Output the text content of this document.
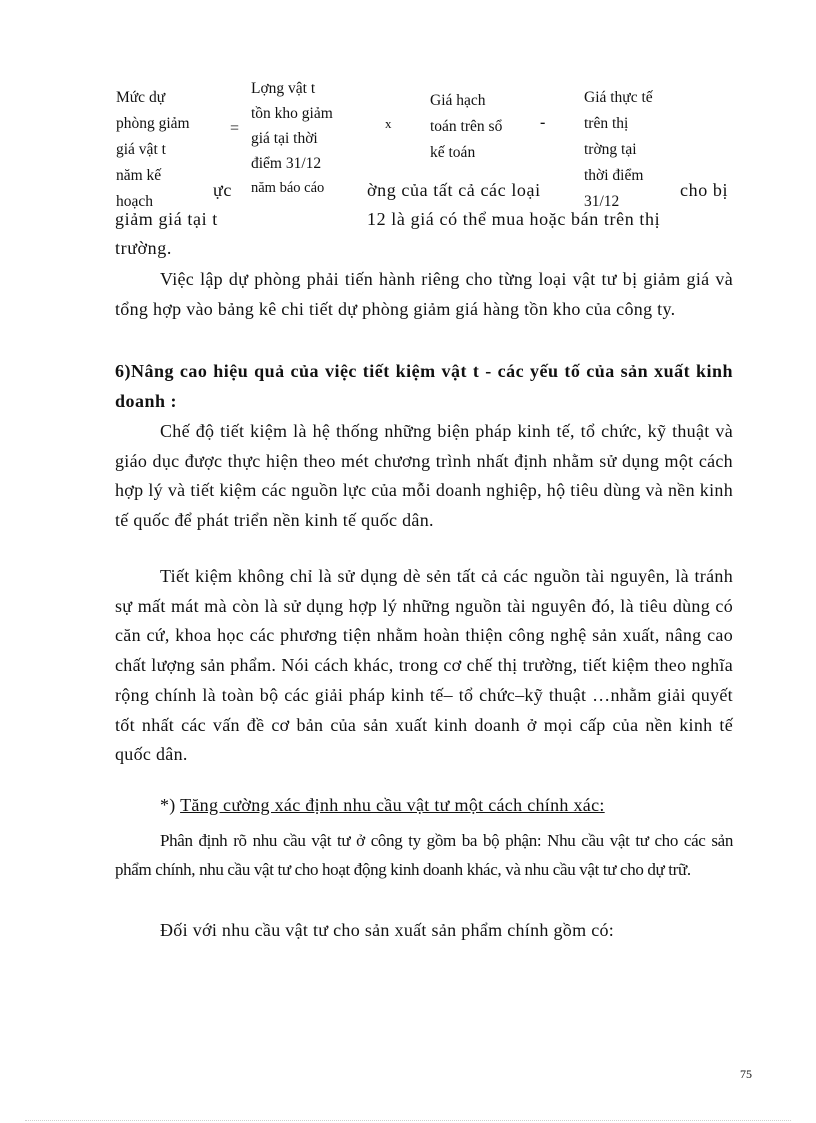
Mức dự
phòng giảm
giá vật t
năm kế
hoạch
=
Lợng vật t
tồn kho giảm
giá tại thời
điểm 31/12
năm báo cáo
x
Giá hạch
toán trên sổ
kế toán
-
Giá thực tế
trên thị
trờng tại
thời điểm
31/12
ực	ờng của tất cả các loại	cho bị
giảm giá tại t	12 là giá có thể mua hoặc bán trên thị
trường.

Việc lập dự phòng phải tiến hành riêng cho từng loại vật tư bị giảm giá và tổng hợp vào bảng kê chi tiết dự phòng giảm giá hàng tồn kho của công ty.

6)Nâng cao hiệu quả của việc tiết kiệm vật t - các yếu tố của sản xuất kinh doanh :

Chế độ tiết kiệm là hệ thống những biện pháp kinh tế, tổ chức, kỹ thuật và giáo dục được thực hiện theo mét chương trình nhất định nhằm sử dụng một cách hợp lý và tiết kiệm các nguồn lực của mỗi doanh nghiệp, hộ tiêu dùng và nền kinh tế quốc để phát triển nền kinh tế quốc dân.

Tiết kiệm không chỉ là sử dụng dè sẻn tất cả các nguồn tài nguyên, là tránh sự mất mát mà còn là sử dụng hợp lý những nguồn tài nguyên đó, là tiêu dùng có căn cứ, khoa học các phương tiện nhằm hoàn thiện công nghệ sản xuất, nâng cao chất lượng sản phẩm. Nói cách khác, trong cơ chế thị trường, tiết kiệm theo nghĩa rộng chính là toàn bộ các giải pháp kinh tế– tổ chức–kỹ thuật …nhằm giải quyết tốt nhất các vấn đề cơ bản của sản xuất kinh doanh ở mọi cấp của nền kinh tế quốc dân.

*) Tăng cường xác định nhu cầu vật tư một cách chính xác:

Phân định rõ nhu cầu vật tư ở công ty gồm ba bộ phận: Nhu cầu vật tư cho các sản phẩm chính, nhu cầu vật tư cho hoạt động kinh doanh khác, và nhu cầu vật tư cho dự trữ.

Đối với nhu cầu vật tư cho sản xuất sản phẩm chính gồm có:

75
